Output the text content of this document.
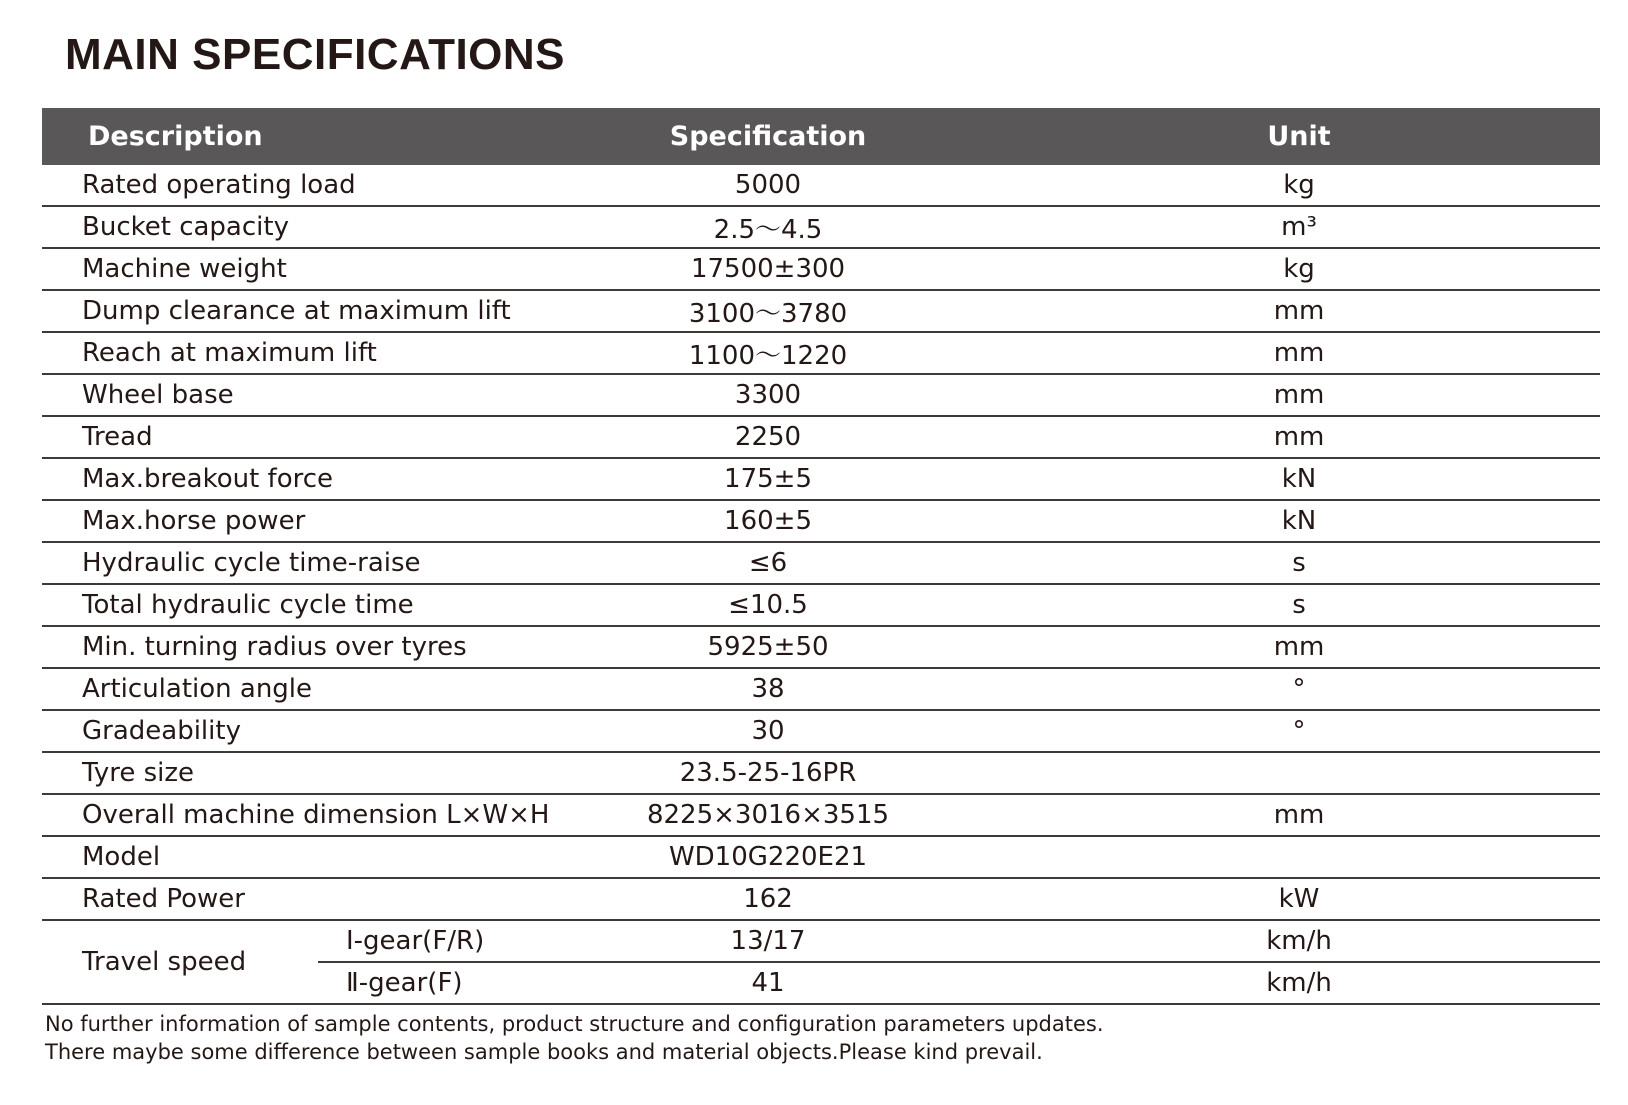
MAIN SPECIFICATIONS
Description		Specification	Unit
Rated operating load		5000	kg
Bucket capacity		2.5～4.5	m³
Machine weight		17500±300	kg
Dump clearance at maximum lift		3100～3780	mm
Reach at maximum lift		1100～1220	mm
Wheel base		3300	mm
Tread		2250	mm
Max.breakout force		175±5	kN
Max.horse power		160±5	kN
Hydraulic cycle time-raise		≤6	s
Total hydraulic cycle time		≤10.5	s
Min. turning radius over tyres		5925±50	mm
Articulation angle		38	°
Gradeability		30	°
Tyre size		23.5-25-16PR	
Overall machine dimension L×W×H		8225×3016×3515	mm
Model		WD10G220E21	
Rated Power		162	kW
Travel speed	Ⅰ-gear(F/R)	13/17	km/h
	Ⅱ-gear(F)	41	km/h
No further information of sample contents, product structure and configuration parameters updates.
There maybe some difference between sample books and material objects.Please kind prevail.
